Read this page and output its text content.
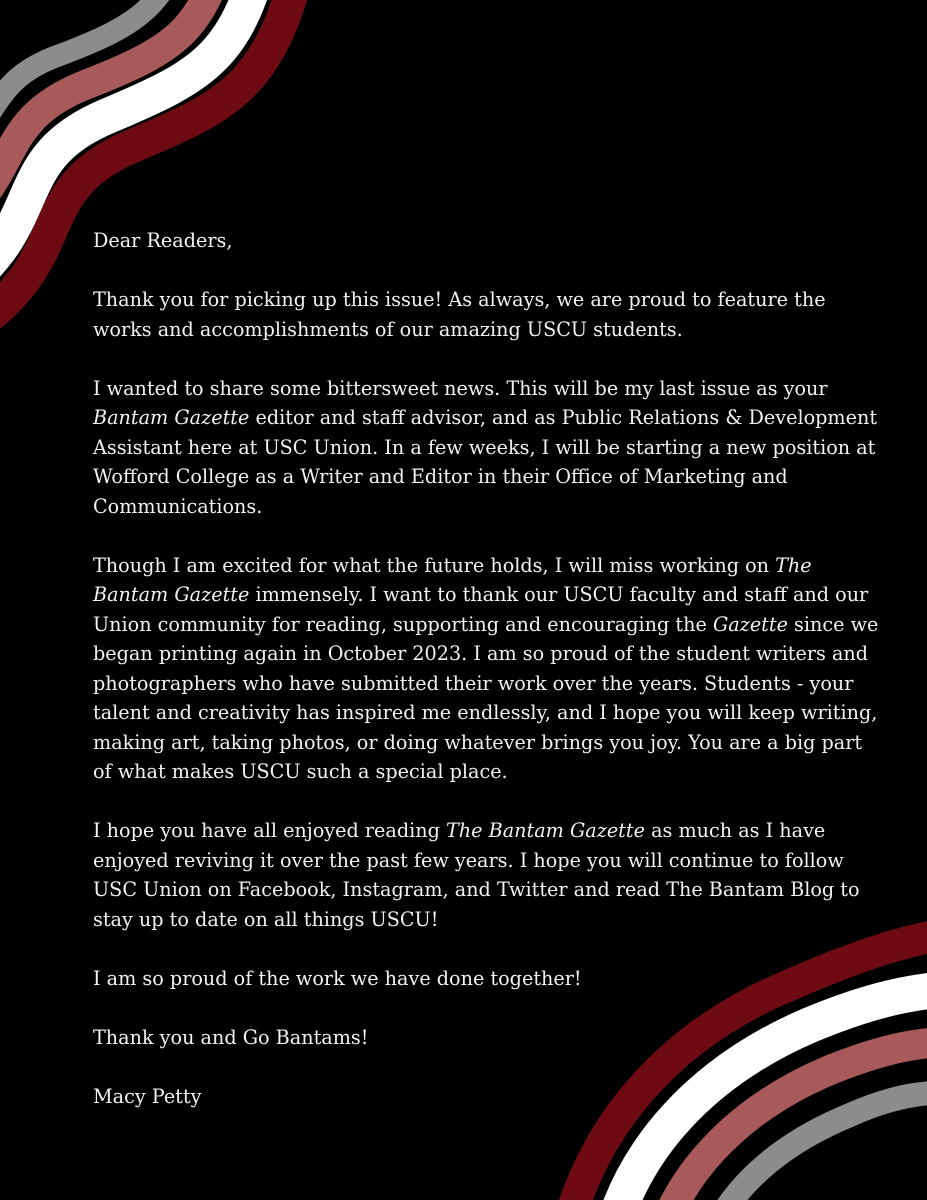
Dear Readers,

Thank you for picking up this issue! As always, we are proud to feature the works and accomplishments of our amazing USCU students.

I wanted to share some bittersweet news. This will be my last issue as your Bantam Gazette editor and staff advisor, and as Public Relations & Development Assistant here at USC Union. In a few weeks, I will be starting a new position at Wofford College as a Writer and Editor in their Office of Marketing and Communications.

Though I am excited for what the future holds, I will miss working on The Bantam Gazette immensely. I want to thank our USCU faculty and staff and our Union community for reading, supporting and encouraging the Gazette since we began printing again in October 2023. I am so proud of the student writers and photographers who have submitted their work over the years. Students - your talent and creativity has inspired me endlessly, and I hope you will keep writing, making art, taking photos, or doing whatever brings you joy. You are a big part of what makes USCU such a special place.

I hope you have all enjoyed reading The Bantam Gazette as much as I have enjoyed reviving it over the past few years. I hope you will continue to follow USC Union on Facebook, Instagram, and Twitter and read The Bantam Blog to stay up to date on all things USCU!

I am so proud of the work we have done together!

Thank you and Go Bantams!

Macy Petty
